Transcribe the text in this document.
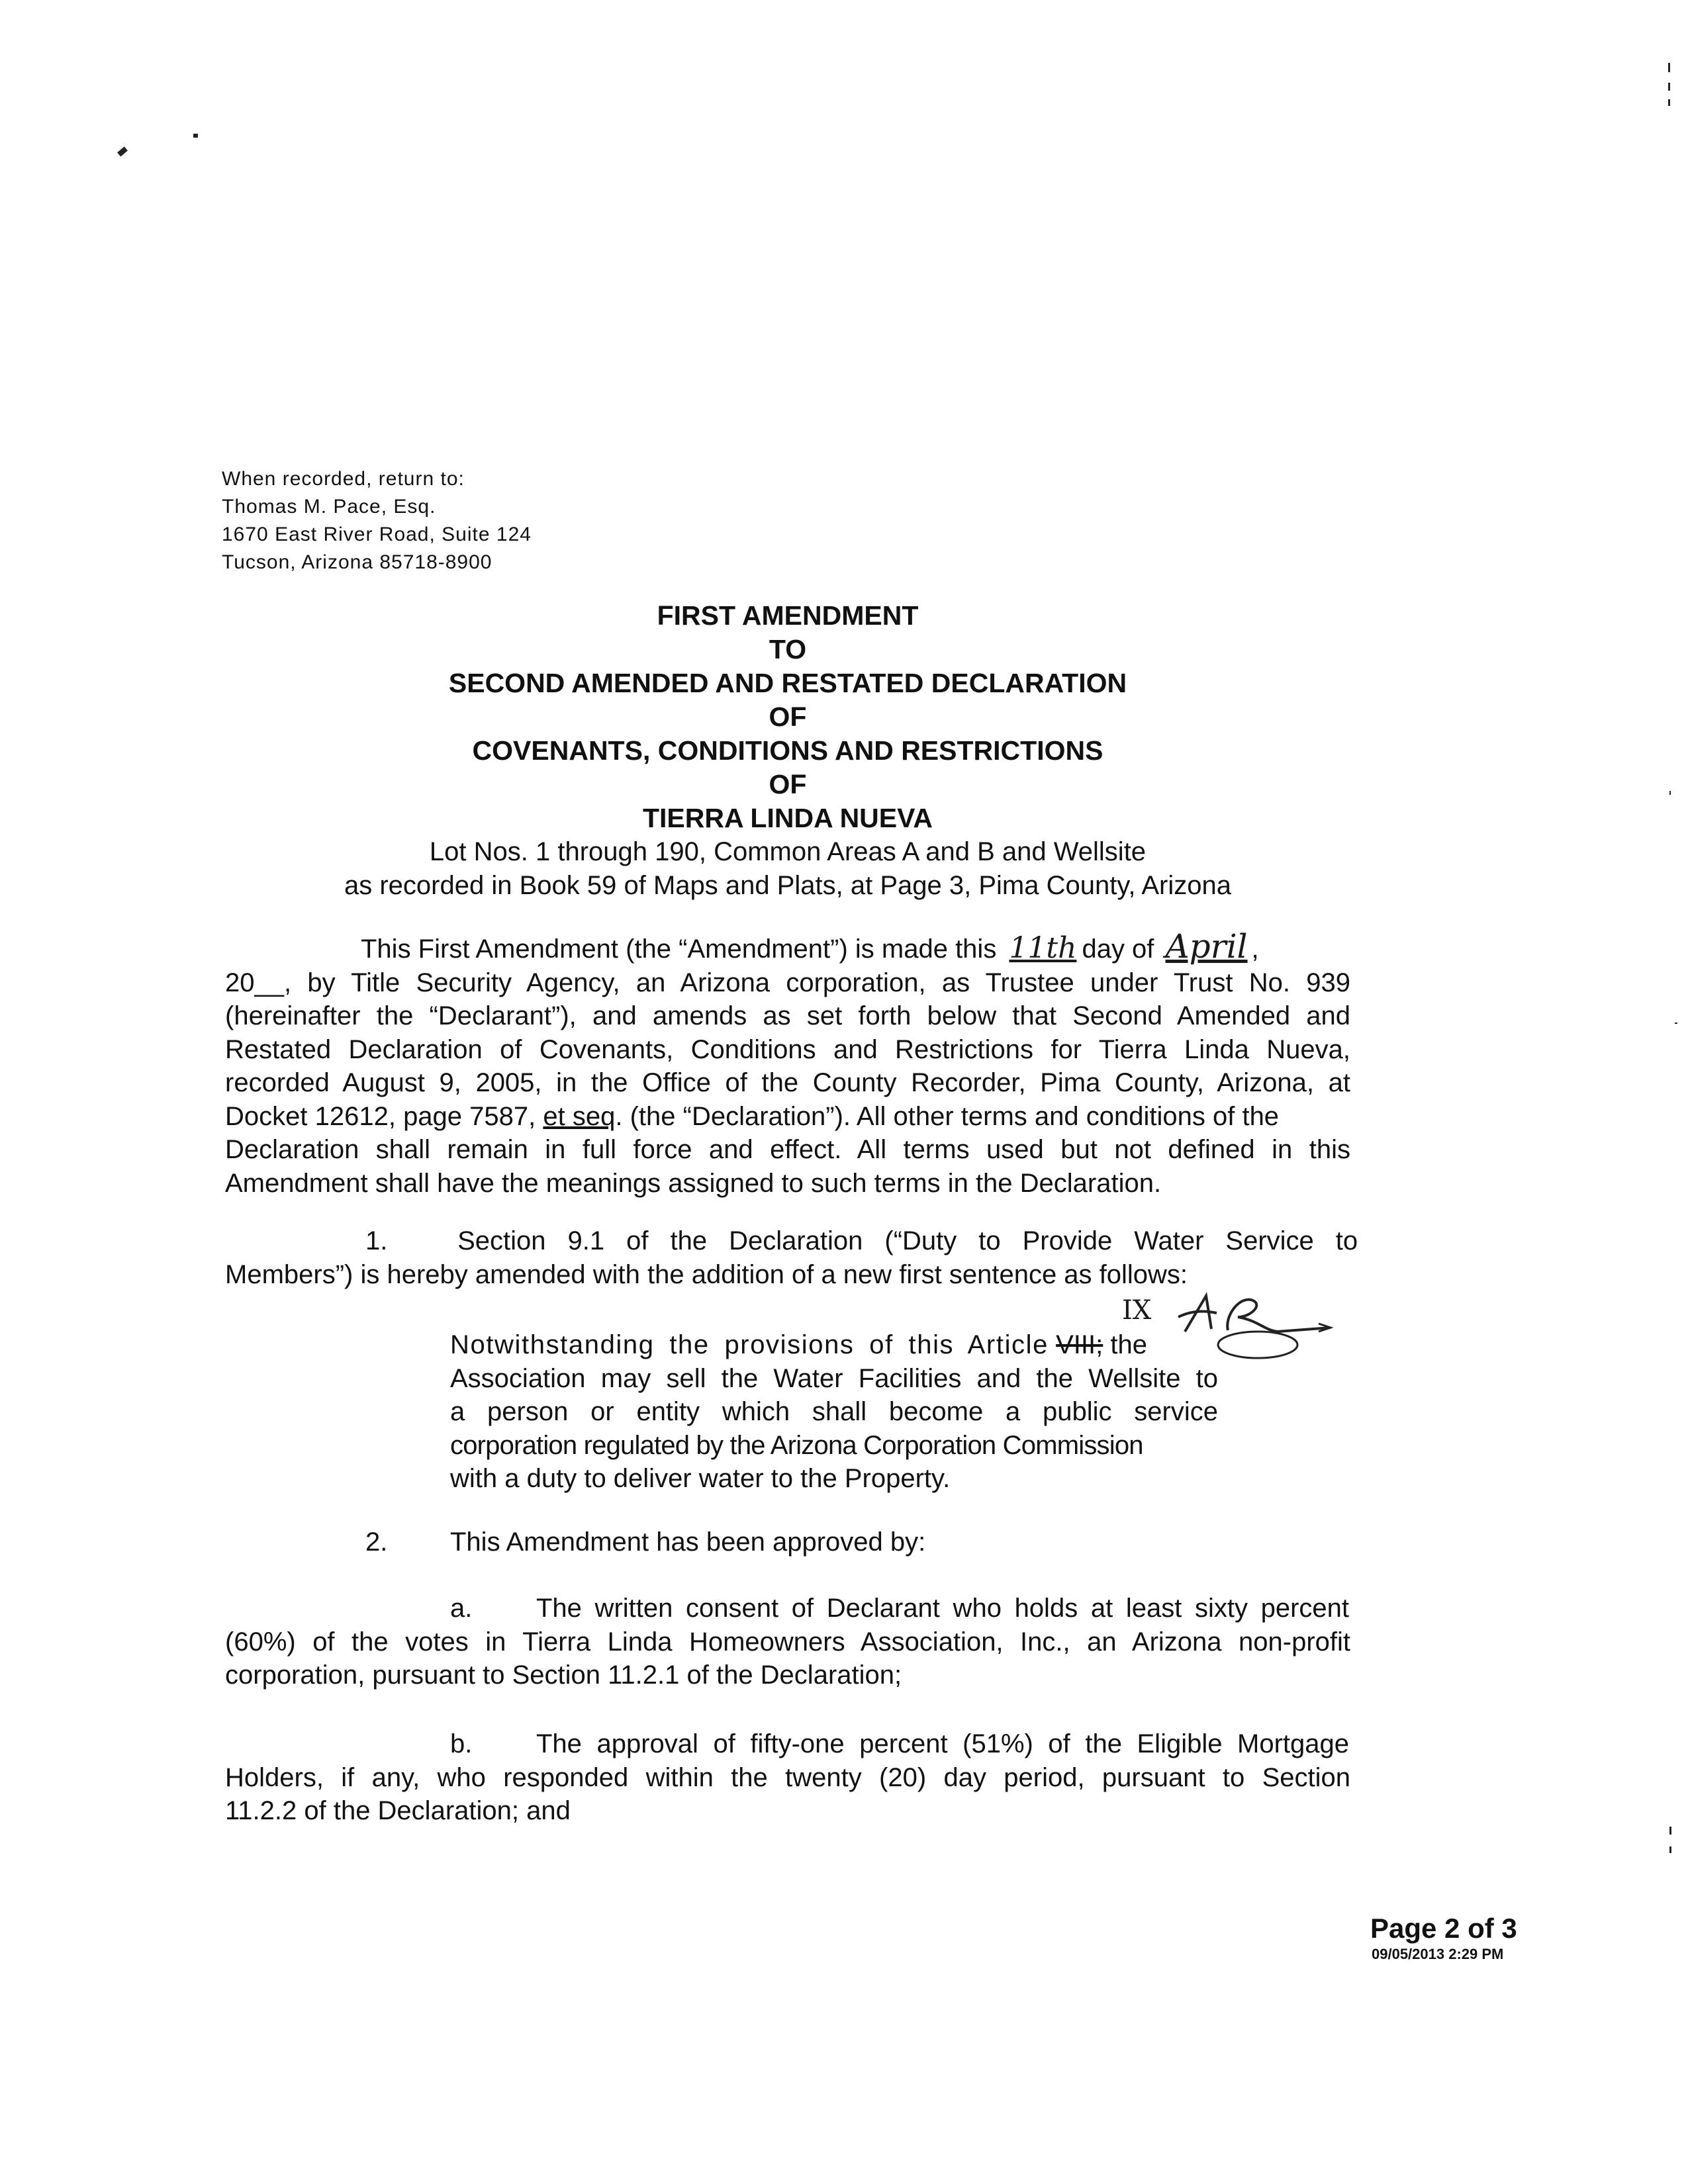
When recorded, return to:
Thomas M. Pace, Esq.
1670 East River Road, Suite 124
Tucson, Arizona 85718-8900
FIRST AMENDMENT
TO
SECOND AMENDED AND RESTATED DECLARATION
OF
COVENANTS, CONDITIONS AND RESTRICTIONS
OF
TIERRA LINDA NUEVA
Lot Nos. 1 through 190, Common Areas A and B and Wellsite
as recorded in Book 59 of Maps and Plats, at Page 3, Pima County, Arizona
This First Amendment (the “Amendment”) is made this 11th day of April ,
20__, by Title Security Agency, an Arizona corporation, as Trustee under Trust No. 939
(hereinafter the “Declarant”), and amends as set forth below that Second Amended and
Restated Declaration of Covenants, Conditions and Restrictions for Tierra Linda Nueva,
recorded August 9, 2005, in the Office of the County Recorder, Pima County, Arizona, at
Docket 12612, page 7587, et seq. (the “Declaration”). All other terms and conditions of the
Declaration shall remain in full force and effect. All terms used but not defined in this
Amendment shall have the meanings assigned to such terms in the Declaration.
1.	Section 9.1 of the Declaration (“Duty to Provide Water Service to
Members”) is hereby amended with the addition of a new first sentence as follows:
IX
Notwithstanding the provisions of this Article VIII; the
Association may sell the Water Facilities and the Wellsite to
a person or entity which shall become a public service
corporation regulated by the Arizona Corporation Commission
with a duty to deliver water to the Property.
2. This Amendment has been approved by:
a. The written consent of Declarant who holds at least sixty percent
(60%) of the votes in Tierra Linda Homeowners Association, Inc., an Arizona non-profit
corporation, pursuant to Section 11.2.1 of the Declaration;
b. The approval of fifty-one percent (51%) of the Eligible Mortgage
Holders, if any, who responded within the twenty (20) day period, pursuant to Section
11.2.2 of the Declaration; and
Page 2 of 3
09/05/2013 2:29 PM
